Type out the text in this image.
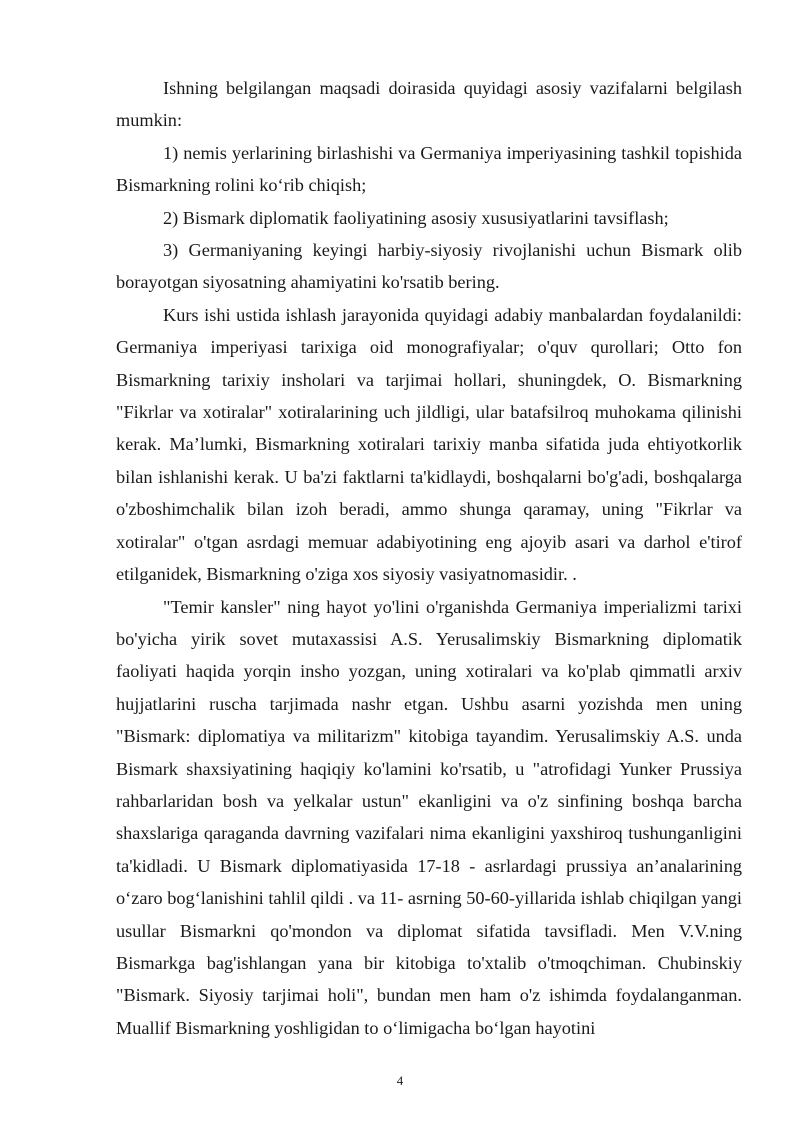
Ishning belgilangan maqsadi doirasida quyidagi asosiy vazifalarni belgilash mumkin:

1) nemis yerlarining birlashishi va Germaniya imperiyasining tashkil topishida Bismarkning rolini ko‘rib chiqish;

2) Bismark diplomatik faoliyatining asosiy xususiyatlarini tavsiflash;

3) Germaniyaning keyingi harbiy-siyosiy rivojlanishi uchun Bismark olib borayotgan siyosatning ahamiyatini ko'rsatib bering.

Kurs ishi ustida ishlash jarayonida quyidagi adabiy manbalardan foydalanildi: Germaniya imperiyasi tarixiga oid monografiyalar; o'quv qurollari; Otto fon Bismarkning tarixiy insholari va tarjimai hollari, shuningdek, O. Bismarkning "Fikrlar va xotiralar" xotiralarining uch jildligi, ular batafsilroq muhokama qilinishi kerak. Ma’lumki, Bismarkning xotiralari tarixiy manba sifatida juda ehtiyotkorlik bilan ishlanishi kerak. U ba'zi faktlarni ta'kidlaydi, boshqalarni bo'g'adi, boshqalarga o'zboshimchalik bilan izoh beradi, ammo shunga qaramay, uning "Fikrlar va xotiralar" o'tgan asrdagi memuar adabiyotining eng ajoyib asari va darhol e'tirof etilganidek, Bismarkning o'ziga xos siyosiy vasiyatnomasidir. .

"Temir kansler" ning hayot yo'lini o'rganishda Germaniya imperializmi tarixi bo'yicha yirik sovet mutaxassisi A.S. Yerusalimskiy Bismarkning diplomatik faoliyati haqida yorqin insho yozgan, uning xotiralari va ko'plab qimmatli arxiv hujjatlarini ruscha tarjimada nashr etgan. Ushbu asarni yozishda men uning "Bismark: diplomatiya va militarizm" kitobiga tayandim. Yerusalimskiy A.S. unda Bismark shaxsiyatining haqiqiy ko'lamini ko'rsatib, u "atrofidagi Yunker Prussiya rahbarlaridan bosh va yelkalar ustun" ekanligini va o'z sinfining boshqa barcha shaxslariga qaraganda davrning vazifalari nima ekanligini yaxshiroq tushunganligini ta'kidladi. U Bismark diplomatiyasida 17-18 - asrlardagi prussiya an’analarining o‘zaro bog‘lanishini tahlil qildi . va 11- asrning 50-60-yillarida ishlab chiqilgan yangi usullar Bismarkni qo'mondon va diplomat sifatida tavsifladi. Men V.V.ning Bismarkga bag'ishlangan yana bir kitobiga to'xtalib o'tmoqchiman. Chubinskiy "Bismark. Siyosiy tarjimai holi", bundan men ham o'z ishimda foydalanganman. Muallif Bismarkning yoshligidan to o‘limigacha bo‘lgan hayotini

4
